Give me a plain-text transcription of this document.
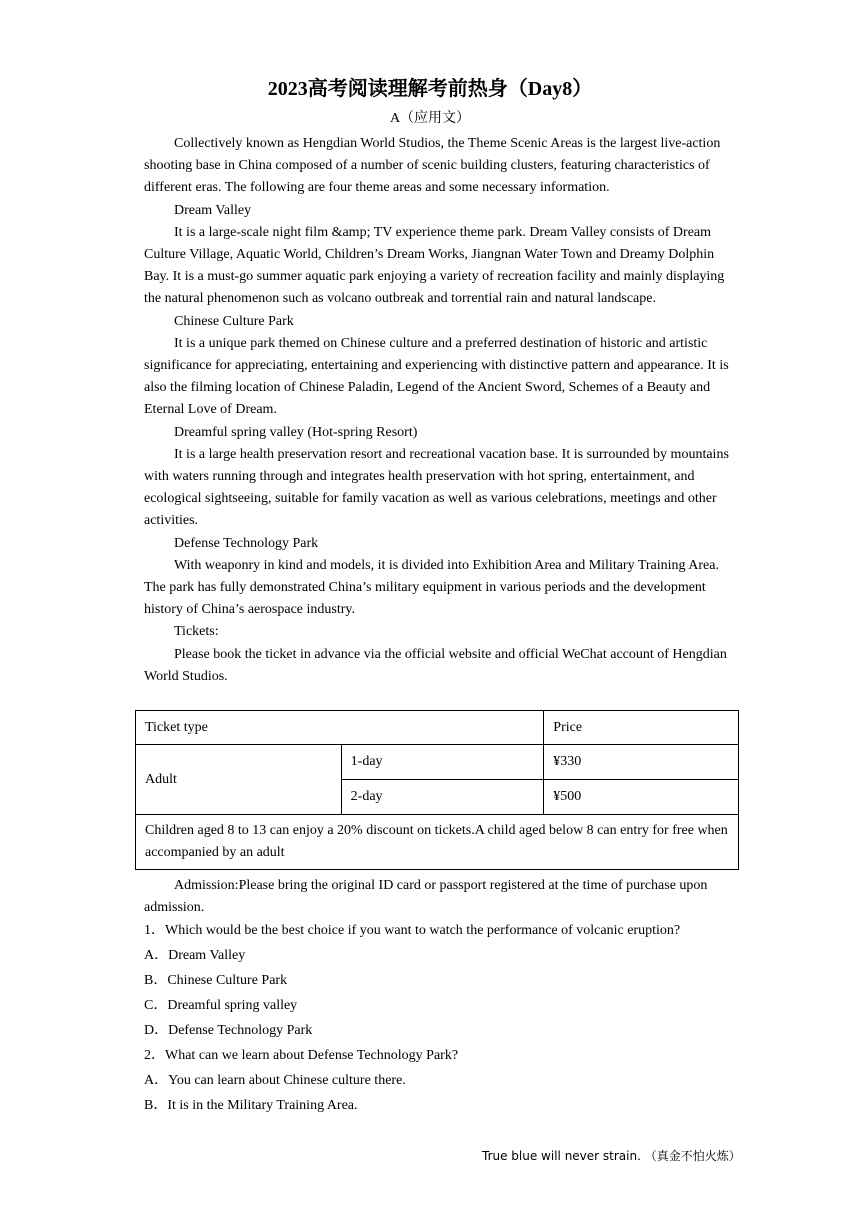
2023高考阅读理解考前热身（Day8）
A（应用文）

Collectively known as Hengdian World Studios, the Theme Scenic Areas is the largest live-action shooting base in China composed of a number of scenic building clusters, featuring characteristics of different eras. The following are four theme areas and some necessary information.

Dream Valley

It is a large-scale night film &amp; TV experience theme park. Dream Valley consists of Dream Culture Village, Aquatic World, Children’s Dream Works, Jiangnan Water Town and Dreamy Dolphin Bay. It is a must-go summer aquatic park enjoying a variety of recreation facility and mainly displaying the natural phenomenon such as volcano outbreak and torrential rain and natural landscape.

Chinese Culture Park

It is a unique park themed on Chinese culture and a preferred destination of historic and artistic significance for appreciating, entertaining and experiencing with distinctive pattern and appearance. It is also the filming location of Chinese Paladin, Legend of the Ancient Sword, Schemes of a Beauty and Eternal Love of Dream.

Dreamful spring valley (Hot-spring Resort)

It is a large health preservation resort and recreational vacation base. It is surrounded by mountains with waters running through and integrates health preservation with hot spring, entertainment, and ecological sightseeing, suitable for family vacation as well as various celebrations, meetings and other activities.

Defense Technology Park

With weaponry in kind and models, it is divided into Exhibition Area and Military Training Area. The park has fully demonstrated China’s military equipment in various periods and the development history of China’s aerospace industry.

Tickets:

Please book the ticket in advance via the official website and official WeChat account of Hengdian World Studios.

Ticket type		Price
Adult	1-day	¥330
	2-day	¥500
Children aged 8 to 13 can enjoy a 20% discount on tickets.A child aged below 8 can entry for free when accompanied by an adult		

Admission:Please bring the original ID card or passport registered at the time of purchase upon admission.

1．Which would be the best choice if you want to watch the performance of volcanic eruption?
A．Dream Valley
B．Chinese Culture Park
C．Dreamful spring valley
D．Defense Technology Park
2．What can we learn about Defense Technology Park?
A．You can learn about Chinese culture there.
B．It is in the Military Training Area.
True blue will never strain. （真金不怕火炼）
